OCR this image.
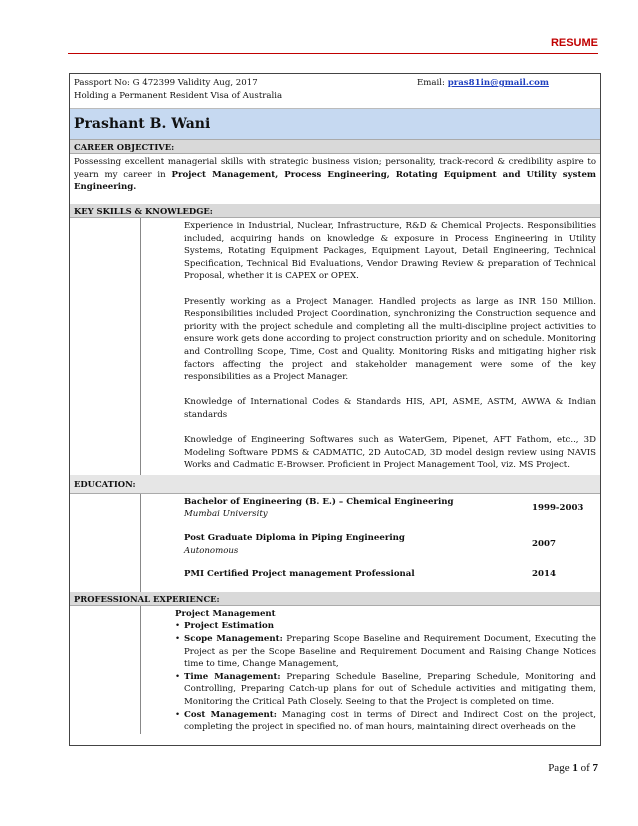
RESUME
Passport No: G 472399 Validity Aug, 2017
Holding a Permanent Resident Visa of Australia
Email: pras81in@gmail.com
Prashant B. Wani
CAREER OBJECTIVE:
Possessing excellent managerial skills with strategic business vision; personality, track-record & credibility aspire to yearn my career in Project Management, Process Engineering, Rotating Equipment and Utility system Engineering.
KEY SKILLS & KNOWLEDGE:

Experience in Industrial, Nuclear, Infrastructure, R&D & Chemical Projects. Responsibilities included, acquiring hands on knowledge & exposure in Process Engineering in Utility Systems, Rotating Equipment Packages, Equipment Layout, Detail Engineering, Technical Specification, Technical Bid Evaluations, Vendor Drawing Review & preparation of Technical Proposal, whether it is CAPEX or OPEX.

Presently working as a Project Manager. Handled projects as large as INR 150 Million. Responsibilities included Project Coordination, synchronizing the Construction sequence and priority with the project schedule and completing all the multi-discipline project activities to ensure work gets done according to project construction priority and on schedule. Monitoring and Controlling Scope, Time, Cost and Quality. Monitoring Risks and mitigating higher risk factors affecting the project and stakeholder management were some of the key responsibilities as a Project Manager.

Knowledge of International Codes & Standards HIS, API, ASME, ASTM, AWWA & Indian standards

Knowledge of Engineering Softwares such as WaterGem, Pipenet, AFT Fathom, etc.., 3D Modeling Software PDMS & CADMATIC, 2D AutoCAD, 3D model design review using NAVIS Works and Cadmatic E-Browser. Proficient in Project Management Tool, viz. MS Project.

EDUCATION:
Bachelor of Engineering (B. E.) – Chemical Engineering
Mumbai University
1999-2003
Post Graduate Diploma in Piping Engineering
Autonomous
2007
PMI Certified Project management Professional	2014
PROFESSIONAL EXPERIENCE:
Project Management
• Project Estimation
• Scope Management: Preparing Scope Baseline and Requirement Document, Executing the Project as per the Scope Baseline and Requirement Document and Raising Change Notices time to time, Change Management,
• Time Management: Preparing Schedule Baseline, Preparing Schedule, Monitoring and Controlling, Preparing Catch-up plans for out of Schedule activities and mitigating them, Monitoring the Critical Path Closely. Seeing to that the Project is completed on time.
• Cost Management: Managing cost in terms of Direct and Indirect Cost on the project, completing the project in specified no. of man hours, maintaining direct overheads on the
Page 1 of 7
